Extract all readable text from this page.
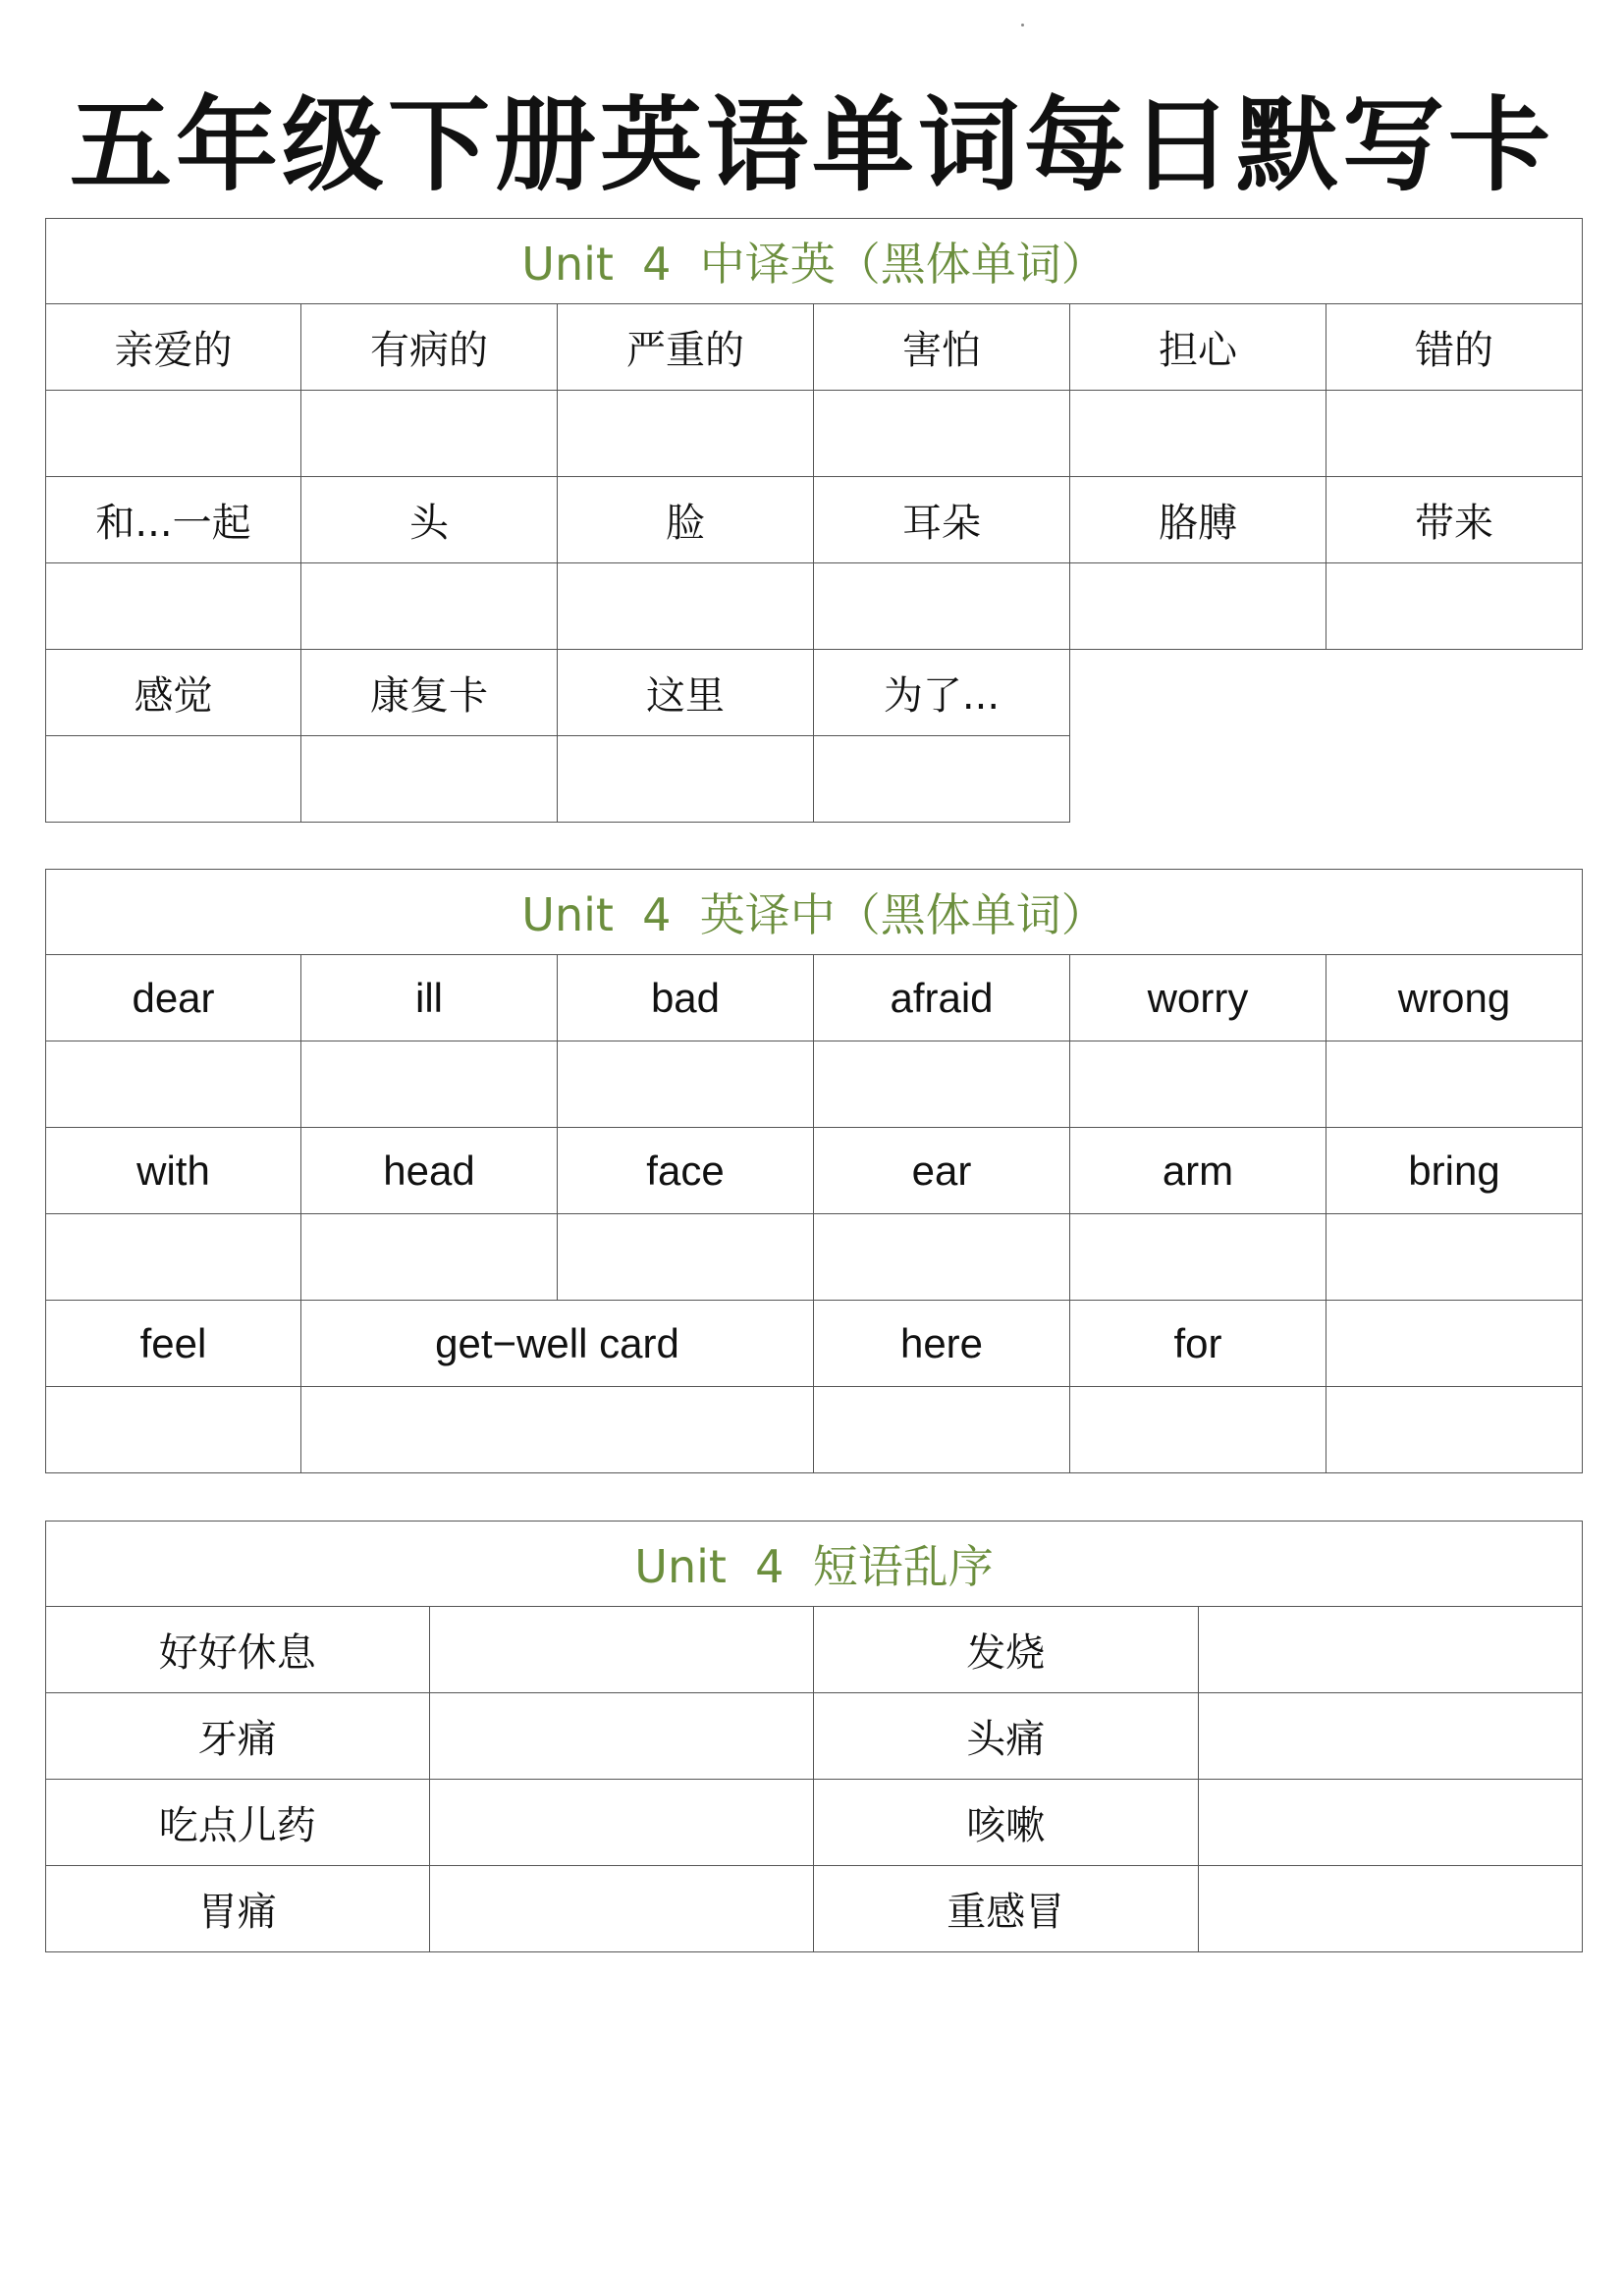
五年级下册英语单词每日默写卡
Unit  4  中译英（黑体单词）
亲爱的	有病的	严重的	害怕	担心	错的
和...一起	头	脸	耳朵	胳膊	带来
感觉	康复卡	这里	为了...
Unit  4  英译中（黑体单词）
dear	ill	bad	afraid	worry	wrong
with	head	face	ear	arm	bring
feel	get−well card	here	for
Unit  4  短语乱序
好好休息	发烧
牙痛	头痛
吃点儿药	咳嗽
胃痛	重感冒
